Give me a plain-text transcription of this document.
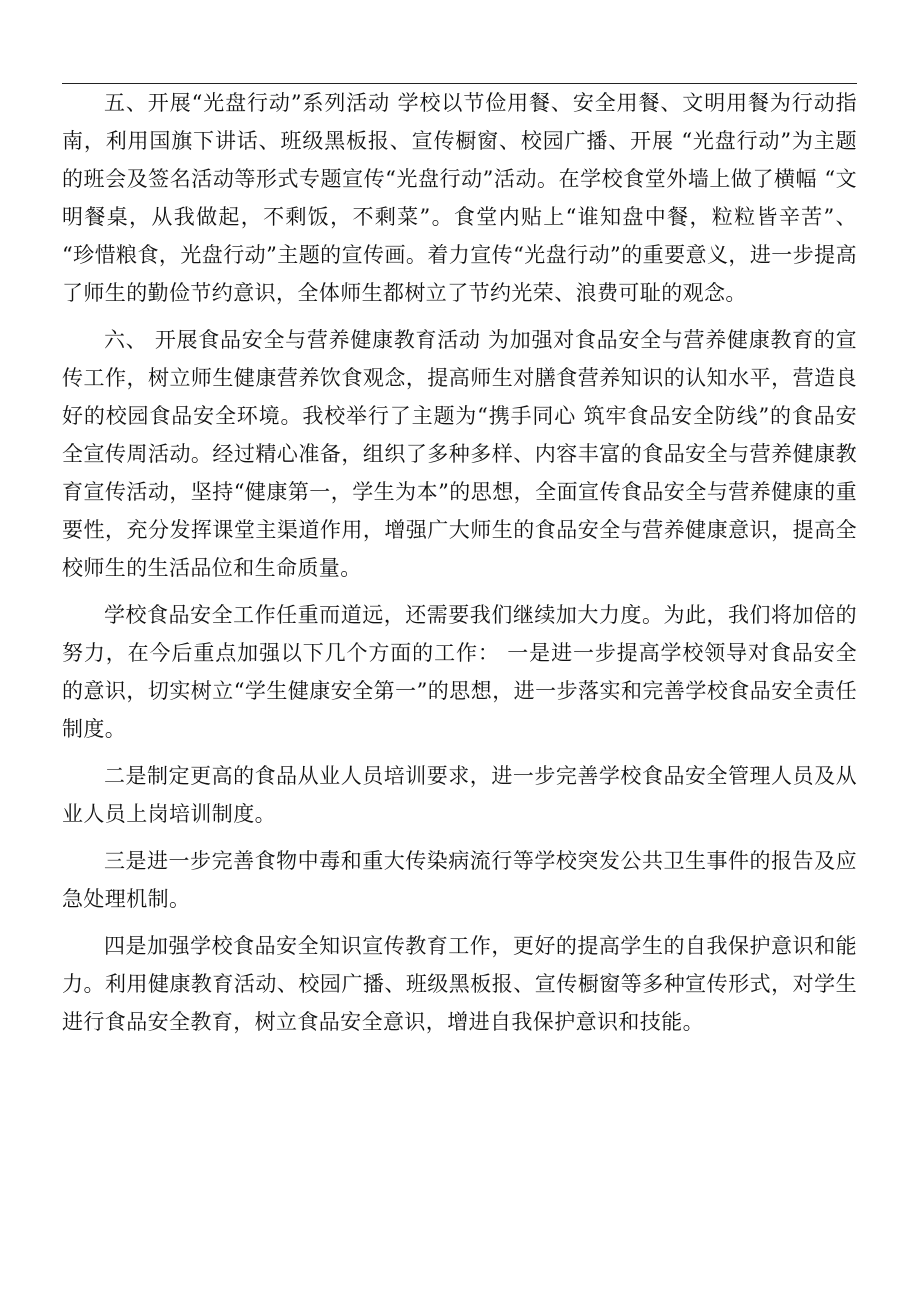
五、开展“光盘行动”系列活动 学校以节俭用餐、安全用餐、文明用餐为行动指南，利用国旗下讲话、班级黑板报、宣传橱窗、校园广播、开展 “光盘行动”为主题的班会及签名活动等形式专题宣传“光盘行动”活动。在学校食堂外墙上做了横幅 “文明餐桌，从我做起，不剩饭，不剩菜”。食堂内贴上“谁知盘中餐，粒粒皆辛苦”、 “珍惜粮食，光盘行动”主题的宣传画。着力宣传“光盘行动”的重要意义，进一步提高了师生的勤俭节约意识，全体师生都树立了节约光荣、浪费可耻的观念。

六、 开展食品安全与营养健康教育活动 为加强对食品安全与营养健康教育的宣传工作，树立师生健康营养饮食观念，提高师生对膳食营养知识的认知水平，营造良好的校园食品安全环境。我校举行了主题为“携手同心 筑牢食品安全防线”的食品安全宣传周活动。经过精心准备，组织了多种多样、内容丰富的食品安全与营养健康教育宣传活动，坚持“健康第一，学生为本”的思想，全面宣传食品安全与营养健康的重要性，充分发挥课堂主渠道作用，增强广大师生的食品安全与营养健康意识，提高全校师生的生活品位和生命质量。

学校食品安全工作任重而道远，还需要我们继续加大力度。为此，我们将加倍的努力，在今后重点加强以下几个方面的工作： 一是进一步提高学校领导对食品安全的意识，切实树立“学生健康安全第一”的思想，进一步落实和完善学校食品安全责任制度。

二是制定更高的食品从业人员培训要求，进一步完善学校食品安全管理人员及从业人员上岗培训制度。

三是进一步完善食物中毒和重大传染病流行等学校突发公共卫生事件的报告及应急处理机制。

四是加强学校食品安全知识宣传教育工作，更好的提高学生的自我保护意识和能力。利用健康教育活动、校园广播、班级黑板报、宣传橱窗等多种宣传形式，对学生进行食品安全教育，树立食品安全意识，增进自我保护意识和技能。
